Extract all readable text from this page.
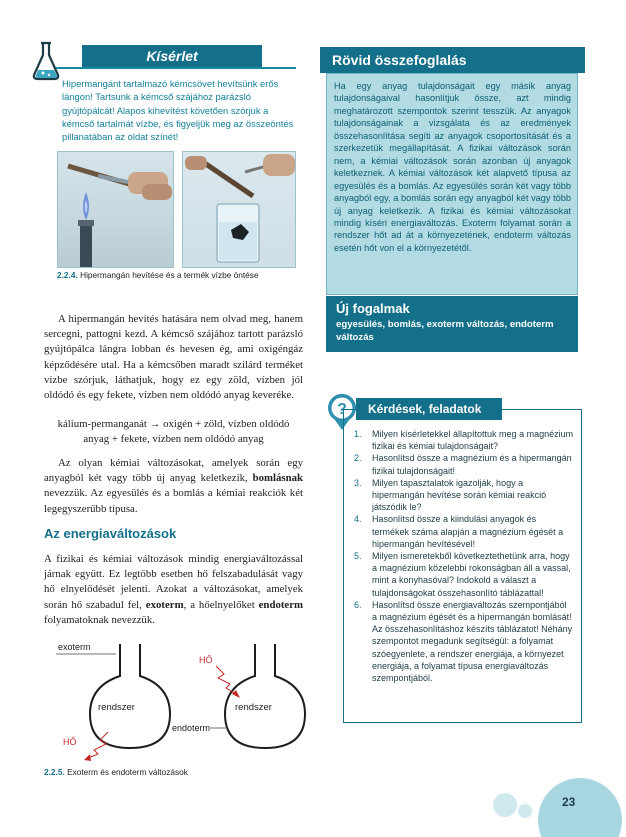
Kísérlet
Hipermangánt tartalmazó kémcsövet hevítsünk erős lángon! Tartsunk a kémcső szájához parázsló gyújtópálcát! Alapos kihevítést követően szórjuk a kémcső tartalmát vízbe, és figyeljük meg az összeöntés pillanatában az oldat színét!
2.2.4. Hipermangán hevítése és a termék vízbe öntése
A hipermangán hevítés hatására nem olvad meg, hanem sercegni, pattogni kezd. A kémcső szájához tartott parázsló gyújtópálca lángra lobban és hevesen ég, ami oxigéngáz képződésére utal. Ha a kémcsőben maradt szilárd terméket vízbe szórjuk, láthatjuk, hogy ez egy zöld, vízben jól oldódó és egy fekete, vízben nem oldódó anyag keveréke.
kálium-permanganát → oxigén + zöld, vízben oldódó
anyag + fekete, vízben nem oldódó anyag
Az olyan kémiai változásokat, amelyek során egy anyagból két vagy több új anyag keletkezik, bomlásnak nevezzük. Az egyesülés és a bomlás a kémiai reakciók két legegyszerűbb típusa.
Az energiaváltozások
A fizikai és kémiai változások mindig energiaváltozással járnak együtt. Ez legtöbb esetben hő felszabadulását vagy hő elnyelődését jelenti. Azokat a változásokat, amelyek során hő szabadul fel, exoterm, a hőelnyelőket endoterm folyamatoknak nevezzük.
exoterm
rendszer
HŐ
HŐ
rendszer
endoterm
2.2.5. Exoterm és endoterm változások
Rövid összefoglalás
Ha egy anyag tulajdonságait egy másik anyag tulajdonságaival hasonlítjuk össze, azt mindig meghatározott szempontok szerint tesszük. Az anyagok tulajdonságainak a vizsgálata és az eredmények összehasonlítása segíti az anyagok csoportosítását és a szerkezetük megállapítását. A fizikai változások során nem, a kémiai változások során azonban új anyagok keletkeznek. A kémiai változások két alapvető típusa az egyesülés és a bomlás. Az egyesülés során két vagy több anyagból egy, a bomlás során egy anyagból két vagy több új anyag keletkezik. A fizikai és kémiai változásokat mindig kíséri energiaváltozás. Exoterm folyamat során a rendszer hőt ad át a környezetének, endoterm változás esetén hőt von el a környezetétől.
Új fogalmak
egyesülés, bomlás, exoterm változás, endoterm változás
?	Kérdések, feladatok
1. Milyen kísérletekkel állapítottuk meg a magnézium fizikai és kémiai tulajdonságait?
2. Hasonlítsd össze a magnézium és a hipermangán fizikai tulajdonságait!
3. Milyen tapasztalatok igazolják, hogy a hipermangán hevítése során kémiai reakció játszódik le?
4. Hasonlítsd össze a kiindulási anyagok és termékek száma alapján a magnézium égését a hipermangán hevítésével!
5. Milyen ismeretekből következtethetünk arra, hogy a magnézium közelebbi rokonságban áll a vassal, mint a konyhasóval? Indokold a választ a tulajdonságokat összehasonlító táblázattal!
6. Hasonlítsd össze energiaváltozás szempontjából a magnézium égését és a hipermangán bomlását! Az összehasonlításhoz készíts táblázatot! Néhány szempontot megadunk segítségül: a folyamat szóegyenlete, a rendszer energiája, a környezet energiája, a folyamat típusa energiaváltozás szempontjából.
23
